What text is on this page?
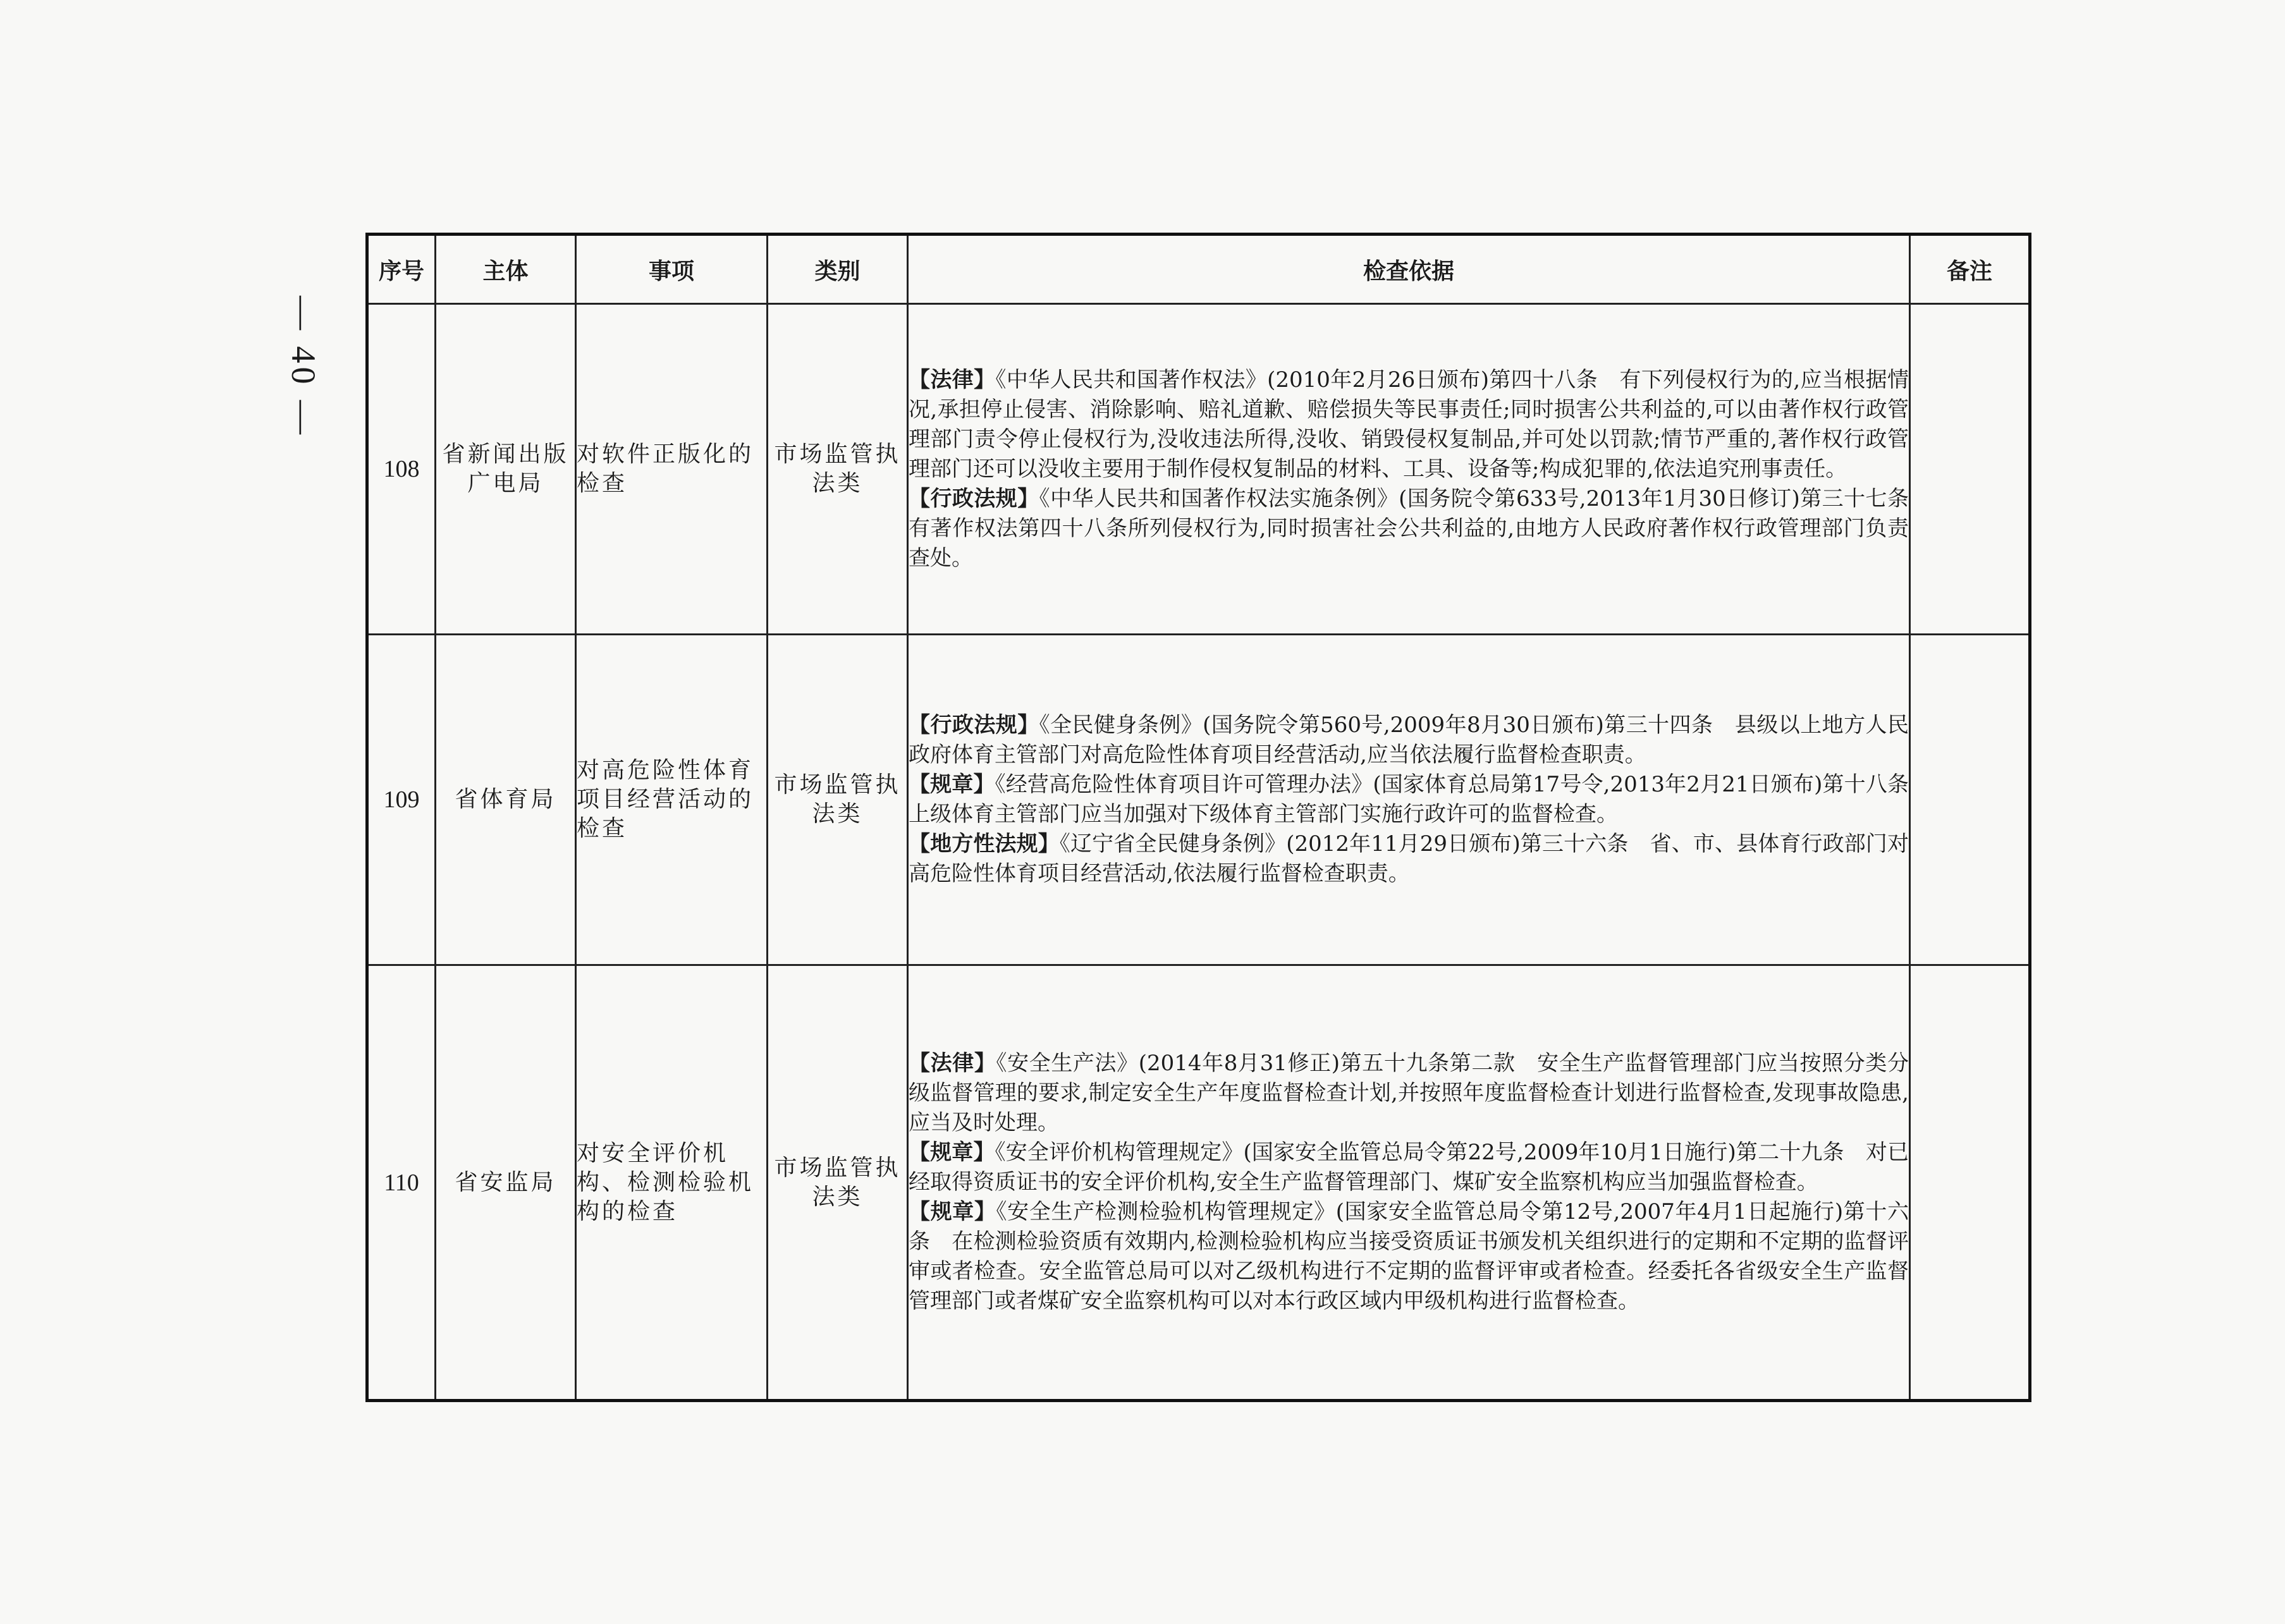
— 40 —
序号	主体	事项	类别	检查依据	备注
108	省新闻出版广电局	对软件正版化的检查	市场监管执法类	【法律】《中华人民共和国著作权法》(2010年2月26日颁布)第四十八条　有下列侵权行为的,应当根据情况,承担停止侵害、消除影响、赔礼道歉、赔偿损失等民事责任;同时损害公共利益的,可以由著作权行政管理部门责令停止侵权行为,没收违法所得,没收、销毁侵权复制品,并可处以罚款;情节严重的,著作权行政管理部门还可以没收主要用于制作侵权复制品的材料、工具、设备等;构成犯罪的,依法追究刑事责任。

【行政法规】《中华人民共和国著作权法实施条例》(国务院令第633号,2013年1月30日修订)第三十七条　有著作权法第四十八条所列侵权行为,同时损害社会公共利益的,由地方人民政府著作权行政管理部门负责查处。	

109	省体育局	对高危险性体育项目经营活动的检查	市场监管执法类	【行政法规】《全民健身条例》(国务院令第560号,2009年8月30日颁布)第三十四条　县级以上地方人民政府体育主管部门对高危险性体育项目经营活动,应当依法履行监督检查职责。

【规章】《经营高危险性体育项目许可管理办法》(国家体育总局第17号令,2013年2月21日颁布)第十八条　上级体育主管部门应当加强对下级体育主管部门实施行政许可的监督检查。

【地方性法规】《辽宁省全民健身条例》(2012年11月29日颁布)第三十六条　省、市、县体育行政部门对高危险性体育项目经营活动,依法履行监督检查职责。	

110	省安监局	对安全评价机构、检测检验机构的检查	市场监管执法类	【法律】《安全生产法》(2014年8月31修正)第五十九条第二款　安全生产监督管理部门应当按照分类分级监督管理的要求,制定安全生产年度监督检查计划,并按照年度监督检查计划进行监督检查,发现事故隐患,应当及时处理。

【规章】《安全评价机构管理规定》(国家安全监管总局令第22号,2009年10月1日施行)第二十九条　对已经取得资质证书的安全评价机构,安全生产监督管理部门、煤矿安全监察机构应当加强监督检查。

【规章】《安全生产检测检验机构管理规定》(国家安全监管总局令第12号,2007年4月1日起施行)第十六条　在检测检验资质有效期内,检测检验机构应当接受资质证书颁发机关组织进行的定期和不定期的监督评审或者检查。安全监管总局可以对乙级机构进行不定期的监督评审或者检查。经委托各省级安全生产监督管理部门或者煤矿安全监察机构可以对本行政区域内甲级机构进行监督检查。	
